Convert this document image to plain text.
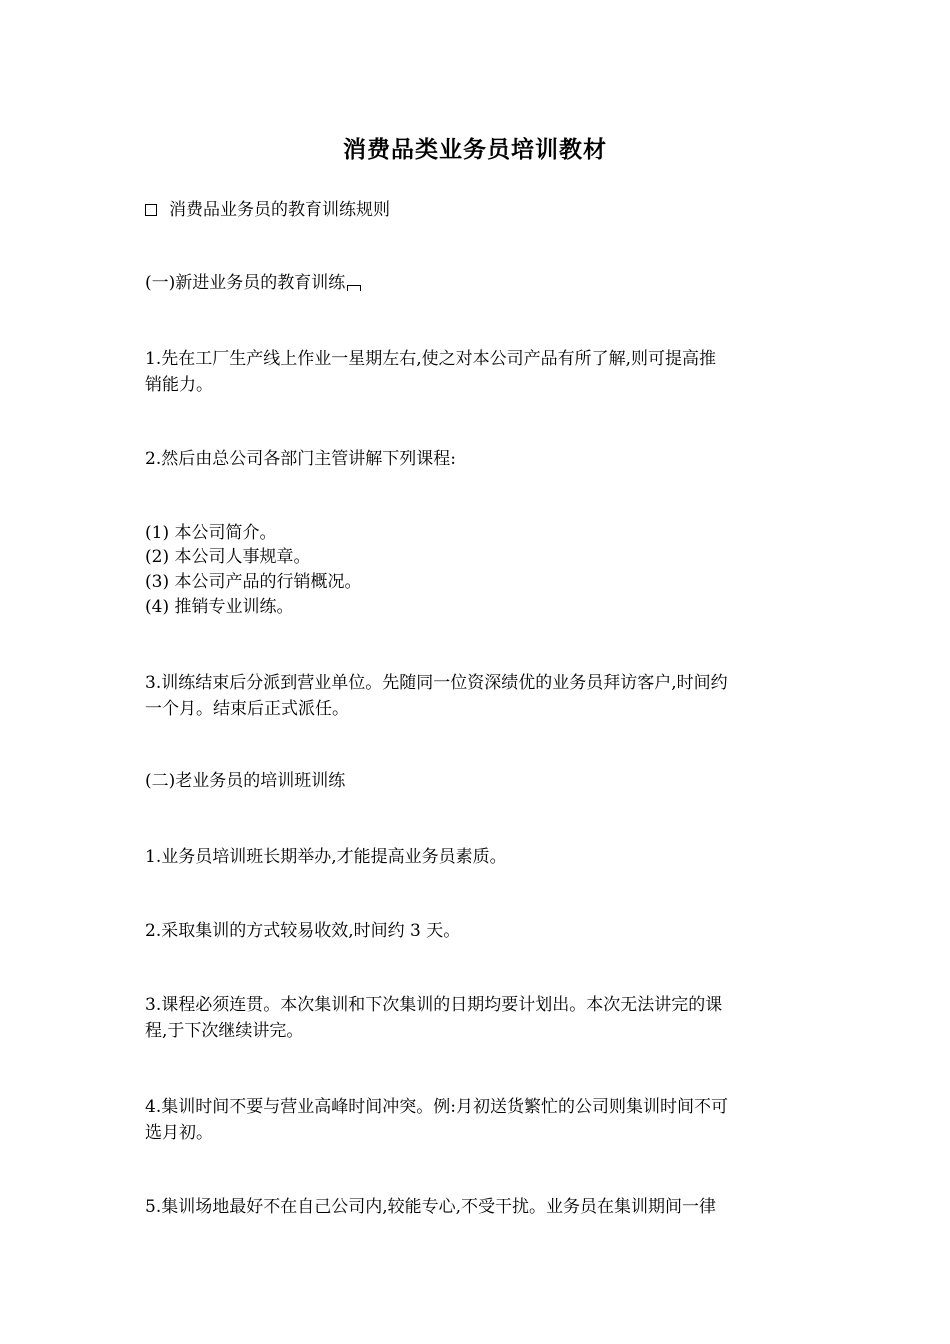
消费品类业务员培训教材
消费品业务员的教育训练规则
(一)新进业务员的教育训练
1.先在工厂生产线上作业一星期左右,使之对本公司产品有所了解,则可提高推
销能力。
2.然后由总公司各部门主管讲解下列课程:
(1) 本公司简介。
(2) 本公司人事规章。
(3) 本公司产品的行销概况。
(4) 推销专业训练。
3.训练结束后分派到营业单位。先随同一位资深绩优的业务员拜访客户,时间约
一个月。结束后正式派任。
(二)老业务员的培训班训练
1.业务员培训班长期举办,才能提高业务员素质。
2.采取集训的方式较易收效,时间约 3 天。
3.课程必须连贯。本次集训和下次集训的日期均要计划出。本次无法讲完的课
程,于下次继续讲完。
4.集训时间不要与营业高峰时间冲突。例:月初送货繁忙的公司则集训时间不可
选月初。
5.集训场地最好不在自己公司内,较能专心,不受干扰。业务员在集训期间一律
